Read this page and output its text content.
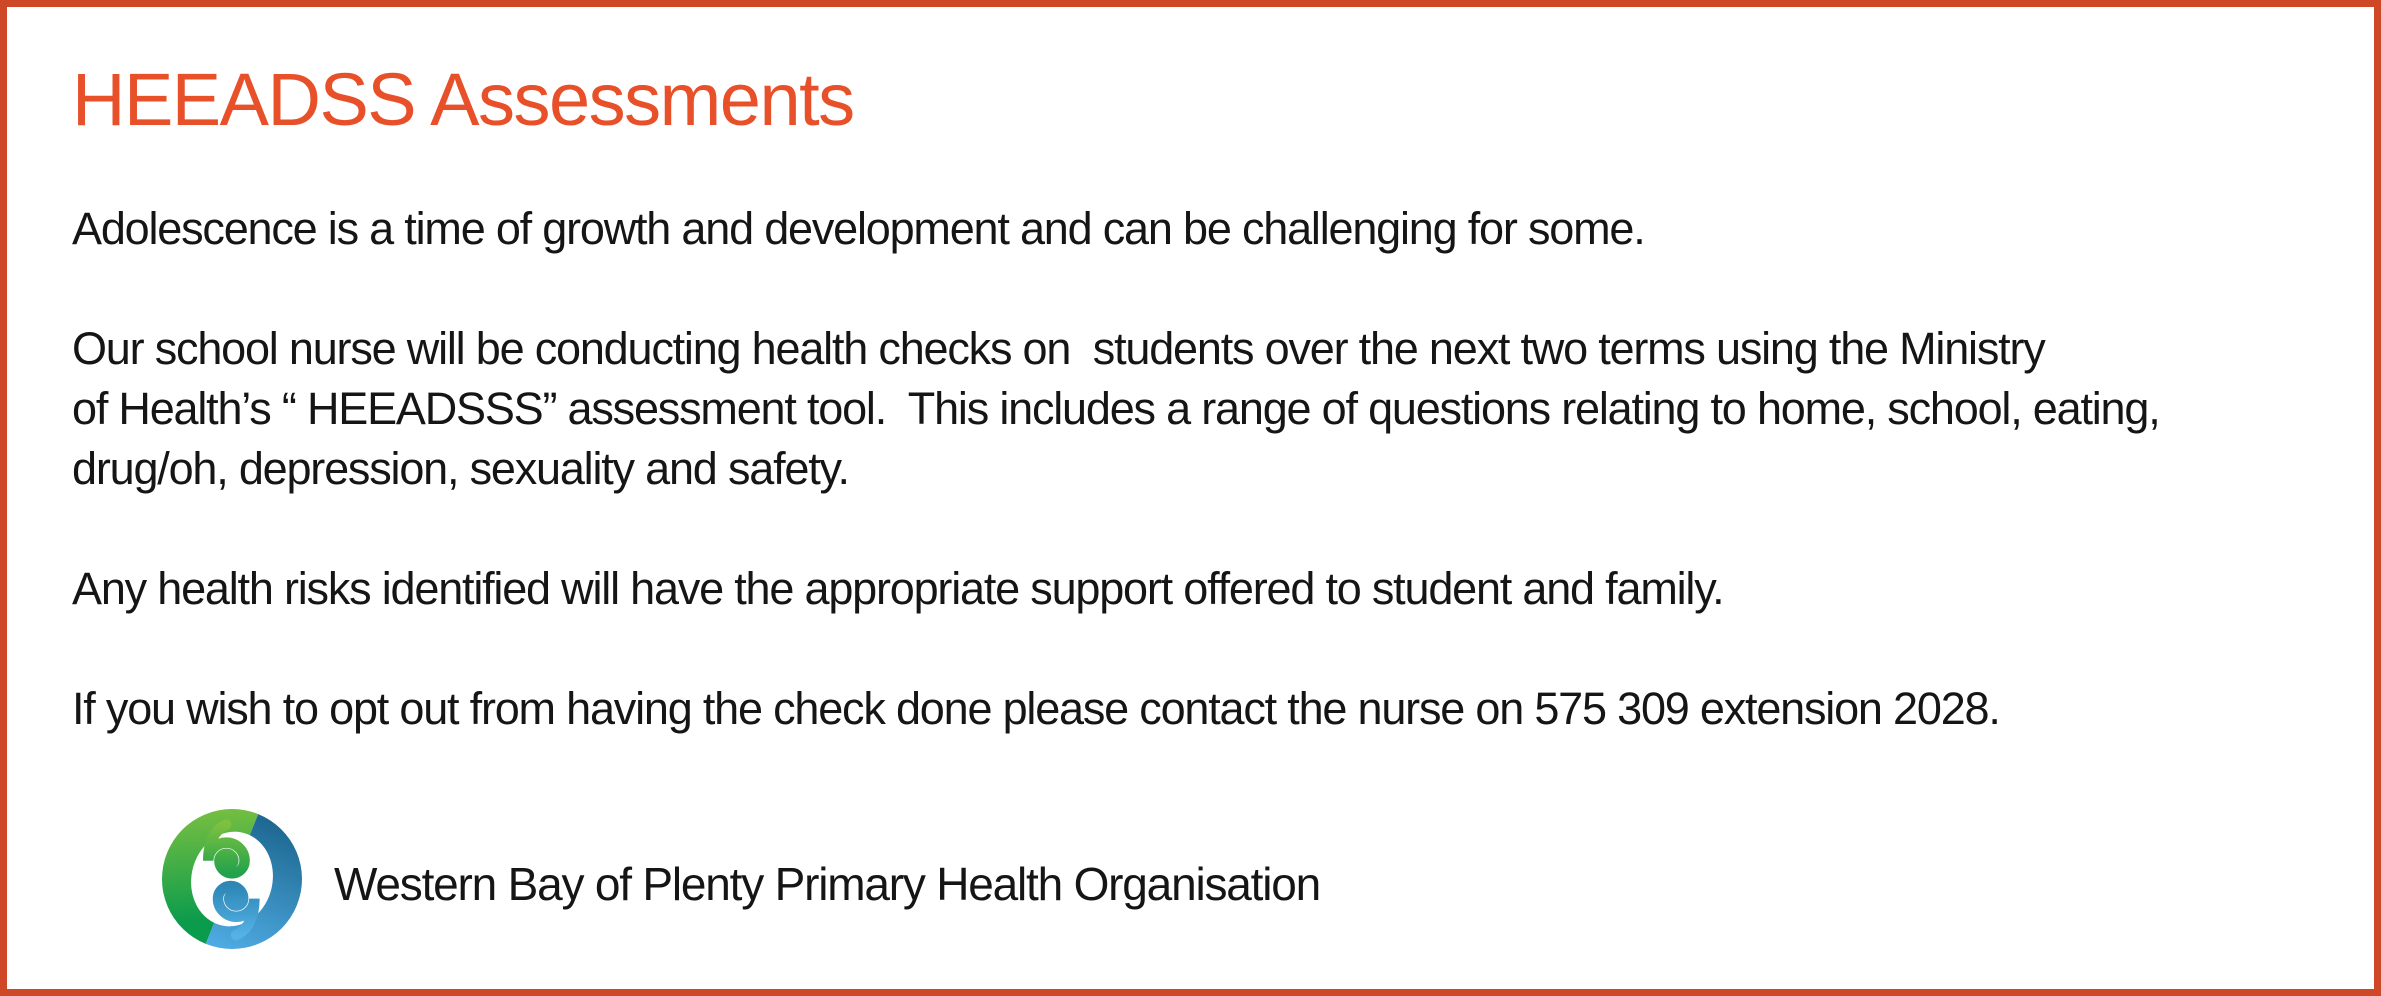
HEEADSS Assessments
Adolescence is a time of growth and development and can be challenging for some.
Our school nurse will be conducting health checks on  students over the next two terms using the Ministry
of Health’s “ HEEADSSS” assessment tool.  This includes a range of questions relating to home, school, eating,
drug/oh, depression, sexuality and safety.
Any health risks identified will have the appropriate support offered to student and family.
If you wish to opt out from having the check done please contact the nurse on 575 309 extension 2028.
Western Bay of Plenty Primary Health Organisation
